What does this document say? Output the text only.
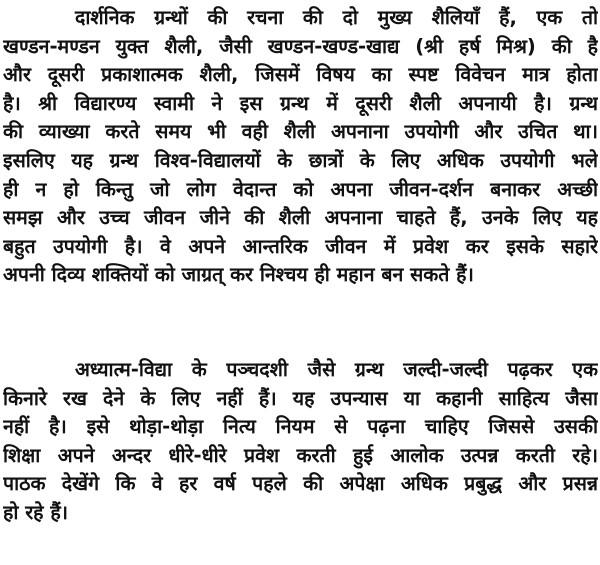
दार्शनिक ग्रन्थों की रचना की दो मुख्य शैलियाँ हैं, एक तो
खण्डन-मण्डन युक्त शैली, जैसी खण्डन-खण्ड-खाद्य (श्री हर्ष मिश्र) की है
और दूसरी प्रकाशात्मक शैली, जिसमें विषय का स्पष्ट विवेचन मात्र होता
है। श्री विद्यारण्य स्वामी ने इस ग्रन्थ में दूसरी शैली अपनायी है। ग्रन्थ
की व्याख्या करते समय भी वही शैली अपनाना उपयोगी और उचित था।
इसलिए यह ग्रन्थ विश्व-विद्यालयों के छात्रों के लिए अधिक उपयोगी भले
ही न हो किन्तु जो लोग वेदान्त को अपना जीवन-दर्शन बनाकर अच्छी
समझ और उच्च जीवन जीने की शैली अपनाना चाहते हैं, उनके लिए यह
बहुत उपयोगी है। वे अपने आन्तरिक जीवन में प्रवेश कर इसके सहारे
अपनी दिव्य शक्तियों को जाग्रत् कर निश्चय ही महान बन सकते हैं।
अध्यात्म-विद्या के पञ्चदशी जैसे ग्रन्थ जल्दी-जल्दी पढ़कर एक
किनारे रख देने के लिए नहीं हैं। यह उपन्यास या कहानी साहित्य जैसा
नहीं है। इसे थोड़ा-थोड़ा नित्य नियम से पढ़ना चाहिए जिससे उसकी
शिक्षा अपने अन्दर धीरे-धीरे प्रवेश करती हुई आलोक उत्पन्न करती रहे।
पाठक देखेंगे कि वे हर वर्ष पहले की अपेक्षा अधिक प्रबुद्ध और प्रसन्न
हो रहे हैं।
